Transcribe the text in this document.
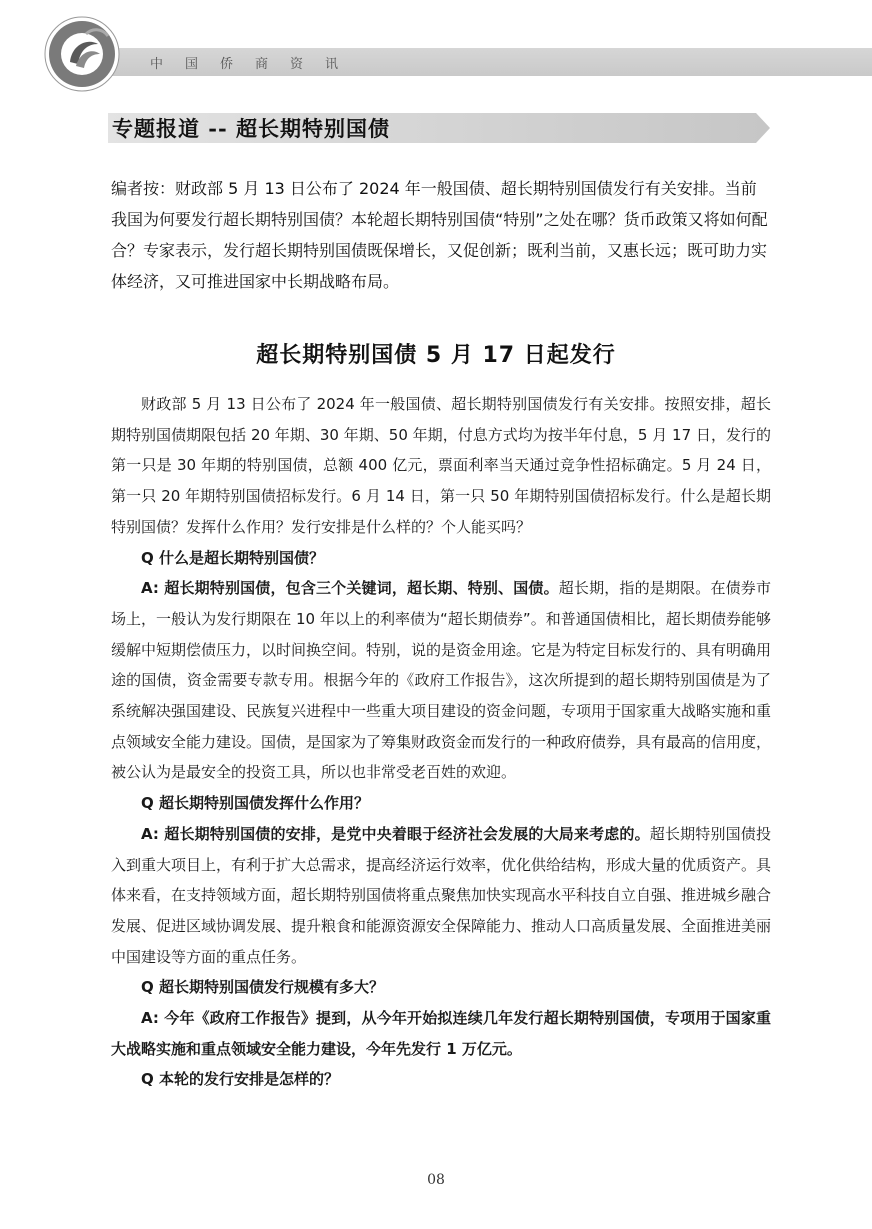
中国侨商资讯
专题报道 -- 超长期特别国债
编者按：财政部 5 月 13 日公布了 2024 年一般国债、超长期特别国债发行有关安排。当前我国为何要发行超长期特别国债？本轮超长期特别国债“特别”之处在哪？货币政策又将如何配合？专家表示，发行超长期特别国债既保增长，又促创新；既利当前，又惠长远；既可助力实体经济，又可推进国家中长期战略布局。
超长期特别国债 5 月 17 日起发行

财政部 5 月 13 日公布了 2024 年一般国债、超长期特别国债发行有关安排。按照安排，超长期特别国债期限包括 20 年期、30 年期、50 年期，付息方式均为按半年付息，5 月 17 日，发行的第一只是 30 年期的特别国债，总额 400 亿元，票面利率当天通过竞争性招标确定。5 月 24 日，第一只 20 年期特别国债招标发行。6 月 14 日，第一只 50 年期特别国债招标发行。什么是超长期特别国债？发挥什么作用？发行安排是什么样的？个人能买吗？

Q 什么是超长期特别国债？

A: 超长期特别国债，包含三个关键词，超长期、特别、国债。超长期，指的是期限。在债券市场上，一般认为发行期限在 10 年以上的利率债为“超长期债券”。和普通国债相比，超长期债券能够缓解中短期偿债压力，以时间换空间。特别，说的是资金用途。它是为特定目标发行的、具有明确用途的国债，资金需要专款专用。根据今年的《政府工作报告》，这次所提到的超长期特别国债是为了系统解决强国建设、民族复兴进程中一些重大项目建设的资金问题，专项用于国家重大战略实施和重点领域安全能力建设。国债，是国家为了筹集财政资金而发行的一种政府债券，具有最高的信用度，被公认为是最安全的投资工具，所以也非常受老百姓的欢迎。

Q 超长期特别国债发挥什么作用？

A: 超长期特别国债的安排，是党中央着眼于经济社会发展的大局来考虑的。超长期特别国债投入到重大项目上，有利于扩大总需求，提高经济运行效率，优化供给结构，形成大量的优质资产。具体来看，在支持领域方面，超长期特别国债将重点聚焦加快实现高水平科技自立自强、推进城乡融合发展、促进区域协调发展、提升粮食和能源资源安全保障能力、推动人口高质量发展、全面推进美丽中国建设等方面的重点任务。

Q 超长期特别国债发行规模有多大？

A: 今年《政府工作报告》提到，从今年开始拟连续几年发行超长期特别国债，专项用于国家重大战略实施和重点领域安全能力建设，今年先发行 1 万亿元。

Q 本轮的发行安排是怎样的？

08
